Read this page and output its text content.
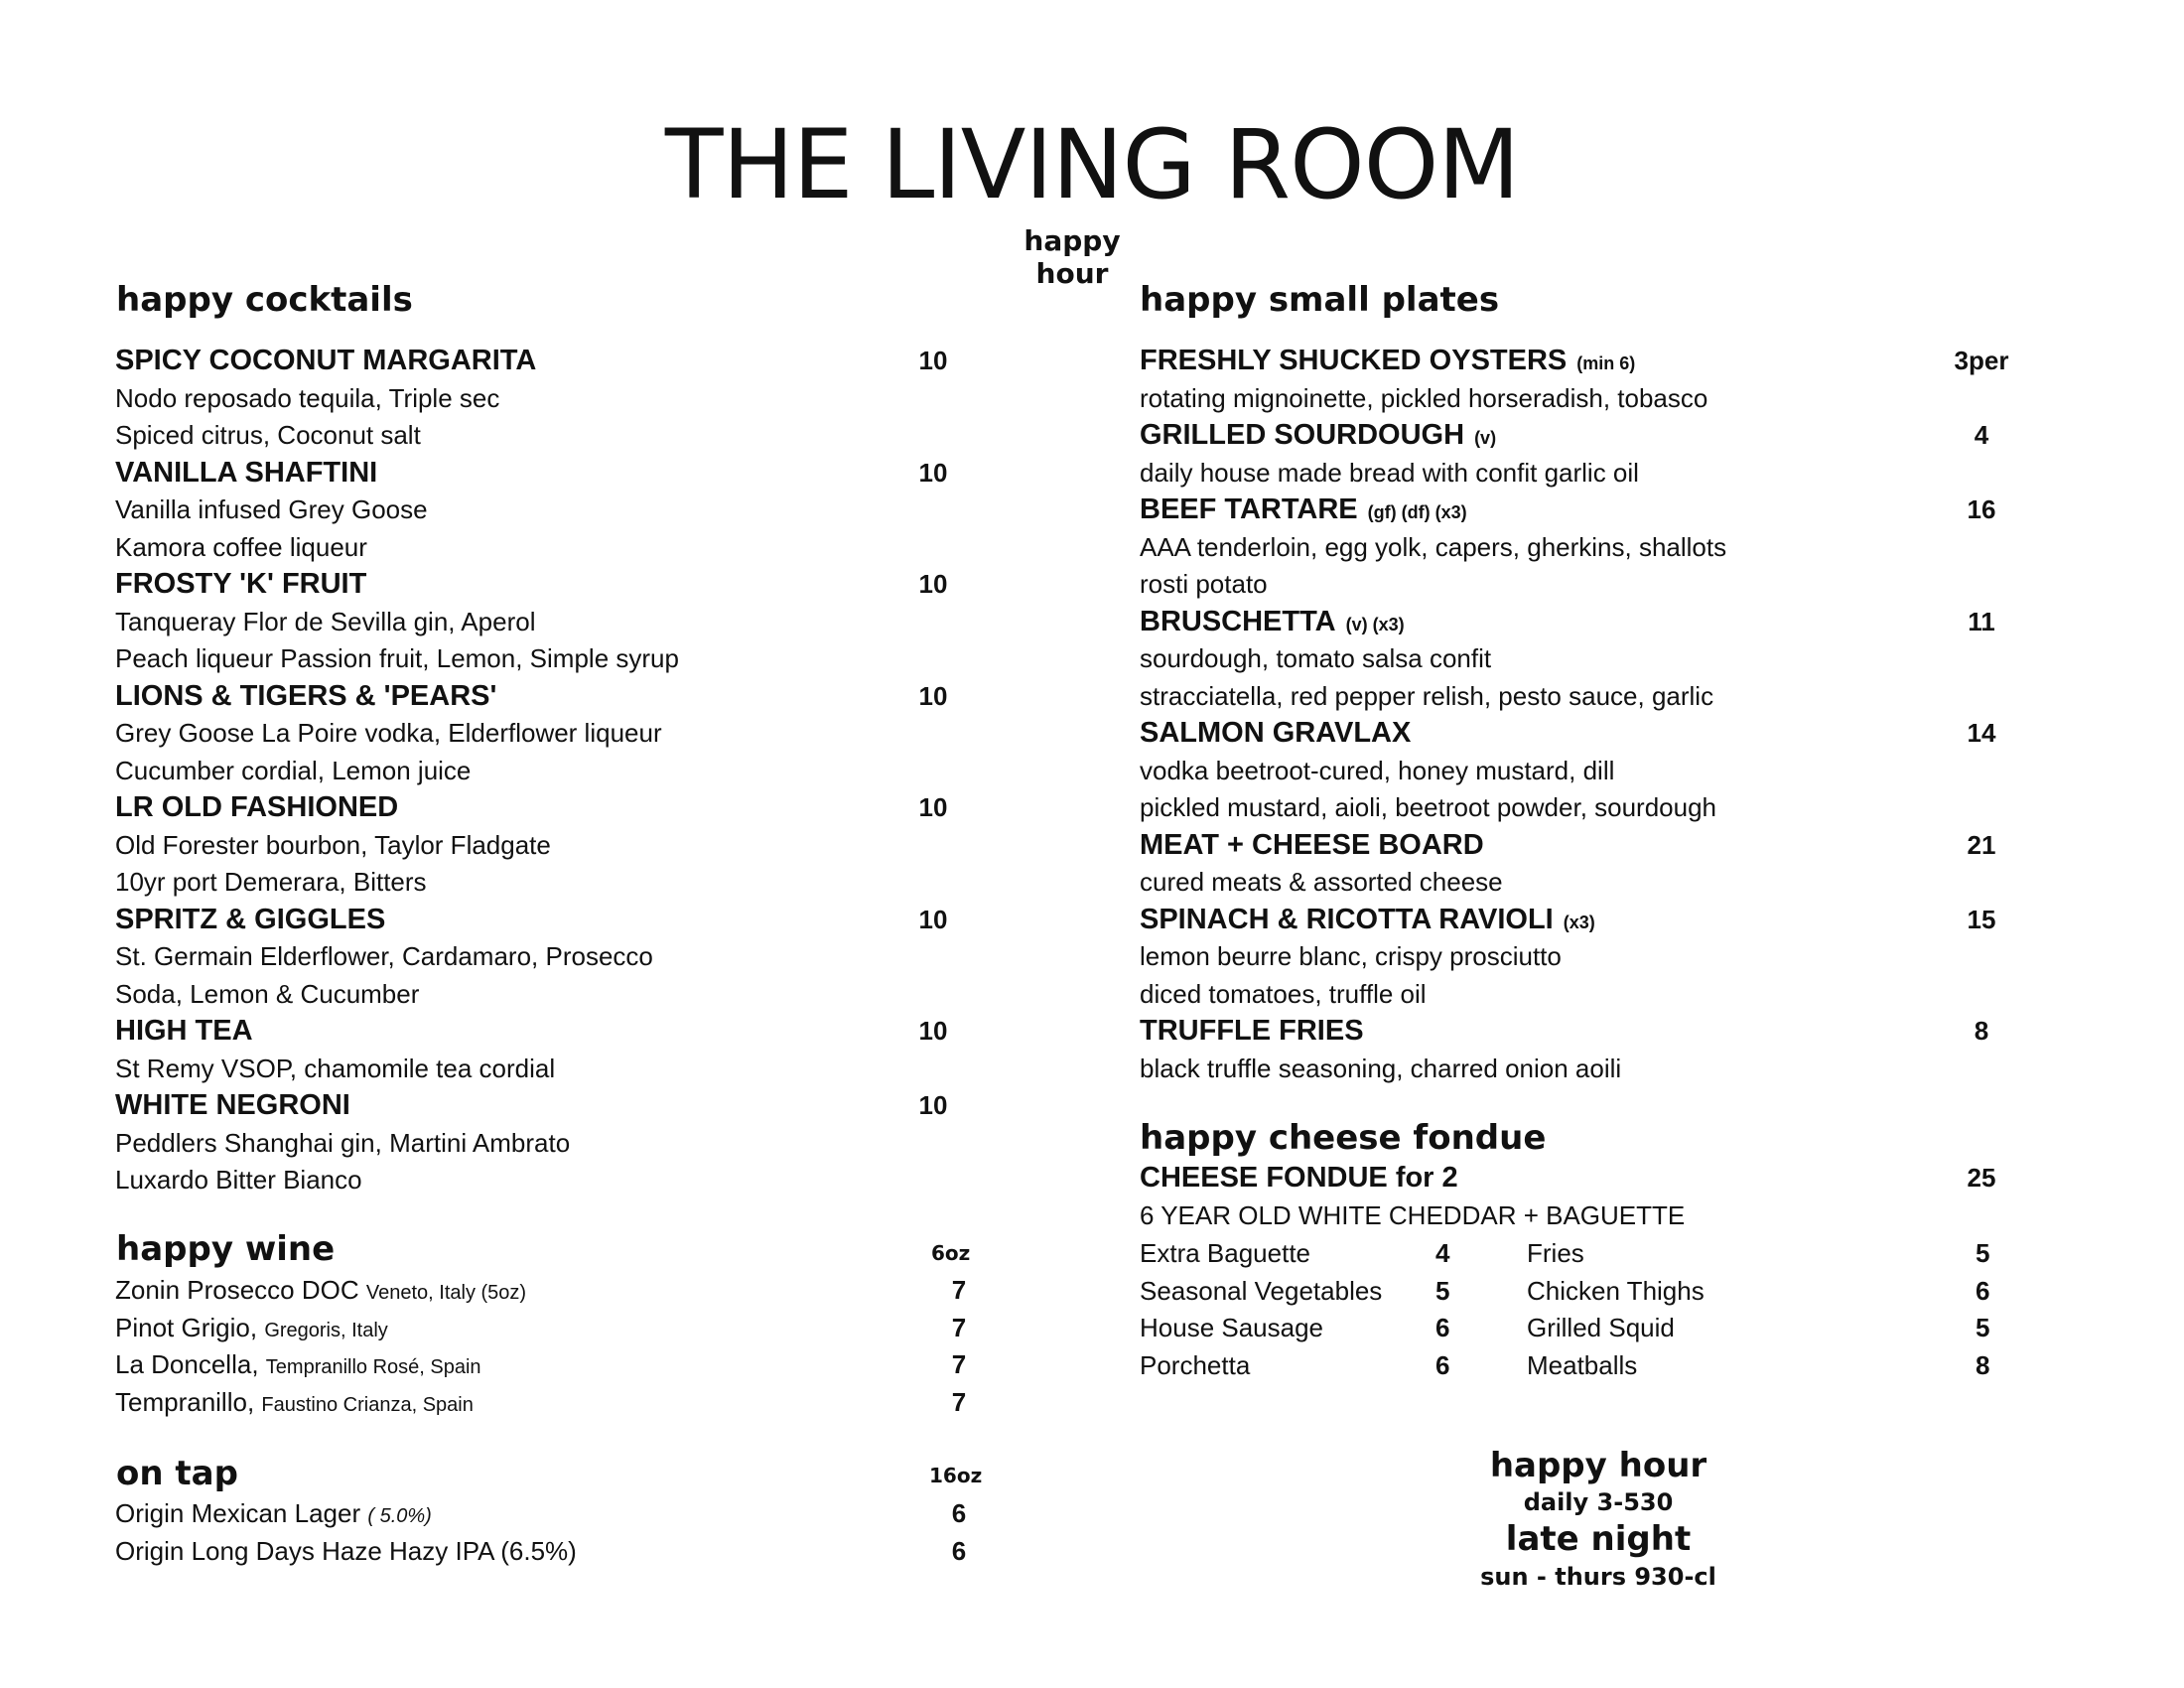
THE LIVING ROOM
happy hour
happy cocktails
SPICY COCONUT MARGARITA	10
Nodo reposado tequila, Triple sec
Spiced citrus, Coconut salt
VANILLA SHAFTINI	10
Vanilla infused Grey Goose
Kamora coffee liqueur
FROSTY 'K' FRUIT	10
Tanqueray Flor de Sevilla gin, Aperol
Peach liqueur Passion fruit, Lemon, Simple syrup
LIONS & TIGERS & 'PEARS'	10
Grey Goose La Poire vodka, Elderflower liqueur
Cucumber cordial, Lemon juice
LR OLD FASHIONED	10
Old Forester bourbon, Taylor Fladgate
10yr port Demerara, Bitters
SPRITZ & GIGGLES	10
St. Germain Elderflower, Cardamaro, Prosecco
Soda, Lemon & Cucumber
HIGH TEA	10
St Remy VSOP, chamomile tea cordial
WHITE NEGRONI	10
Peddlers Shanghai gin, Martini Ambrato
Luxardo Bitter Bianco
happy wine	6oz
Zonin Prosecco DOC Veneto, Italy (5oz)	7
Pinot Grigio, Gregoris, Italy	7
La Doncella, Tempranillo Rosé, Spain	7
Tempranillo, Faustino Crianza, Spain	7
on tap	16oz
Origin Mexican Lager ( 5.0%)	6
Origin Long Days Haze Hazy IPA (6.5%)	6
happy small plates
FRESHLY SHUCKED OYSTERS (min 6)	3per
rotating mignoinette, pickled horseradish, tobasco
GRILLED SOURDOUGH (v)	4
daily house made bread with confit garlic oil
BEEF TARTARE (gf) (df) (x3)	16
AAA tenderloin, egg yolk, capers, gherkins, shallots
rosti potato
BRUSCHETTA (v) (x3)	11
sourdough, tomato salsa confit
stracciatella, red pepper relish, pesto sauce, garlic
SALMON GRAVLAX	14
vodka beetroot-cured, honey mustard, dill
pickled mustard, aioli, beetroot powder, sourdough
MEAT + CHEESE BOARD	21
cured meats & assorted cheese
SPINACH & RICOTTA RAVIOLI (x3)	15
lemon beurre blanc, crispy prosciutto
diced tomatoes, truffle oil
TRUFFLE FRIES	8
black truffle seasoning, charred onion aoili
happy cheese fondue
CHEESE FONDUE for 2	25
6 YEAR OLD WHITE CHEDDAR + BAGUETTE
Extra Baguette	4	Fries	5
Seasonal Vegetables 5	Chicken Thighs	6
House Sausage	6	Grilled Squid	5
Porchetta	6	Meatballs	8
happy hour
daily 3-530
late night
sun - thurs 930-cl
